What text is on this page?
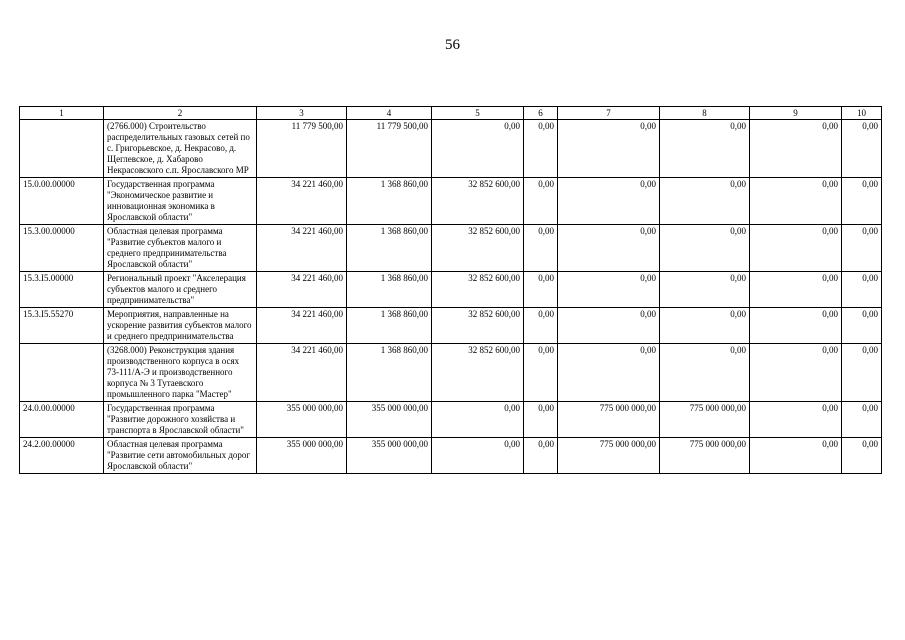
56
1	2	3	4	5	6	7	8	9	10
	(2766.000) Строительство распределительных газовых сетей по с. Григорьевское, д. Некрасово, д. Щеглевское, д. Хабарово Некрасовского с.п. Ярославского МР	11 779 500,00	11 779 500,00	0,00	0,00	0,00	0,00	0,00	0,00
15.0.00.00000	Государственная программа "Экономическое развитие и инновационная экономика в Ярославской области"	34 221 460,00	1 368 860,00	32 852 600,00	0,00	0,00	0,00	0,00	0,00
15.3.00.00000	Областная целевая программа "Развитие субъектов малого и среднего предпринимательства Ярославской области"	34 221 460,00	1 368 860,00	32 852 600,00	0,00	0,00	0,00	0,00	0,00
15.3.I5.00000	Региональный проект "Акселерация субъектов малого и среднего предпринимательства"	34 221 460,00	1 368 860,00	32 852 600,00	0,00	0,00	0,00	0,00	0,00
15.3.I5.55270	Мероприятия, направленные на ускорение развития субъектов малого и среднего предпринимательства	34 221 460,00	1 368 860,00	32 852 600,00	0,00	0,00	0,00	0,00	0,00
	(3268.000) Реконструкция здания производственного корпуса в осях 73-111/А-Э и производственного корпуса № 3 Тутаевского промышленного парка "Мастер"	34 221 460,00	1 368 860,00	32 852 600,00	0,00	0,00	0,00	0,00	0,00
24.0.00.00000	Государственная программа "Развитие дорожного хозяйства и транспорта в Ярославской области"	355 000 000,00	355 000 000,00	0,00	0,00	775 000 000,00	775 000 000,00	0,00	0,00
24.2.00.00000	Областная целевая программа "Развитие сети автомобильных дорог Ярославской области"	355 000 000,00	355 000 000,00	0,00	0,00	775 000 000,00	775 000 000,00	0,00	0,00
